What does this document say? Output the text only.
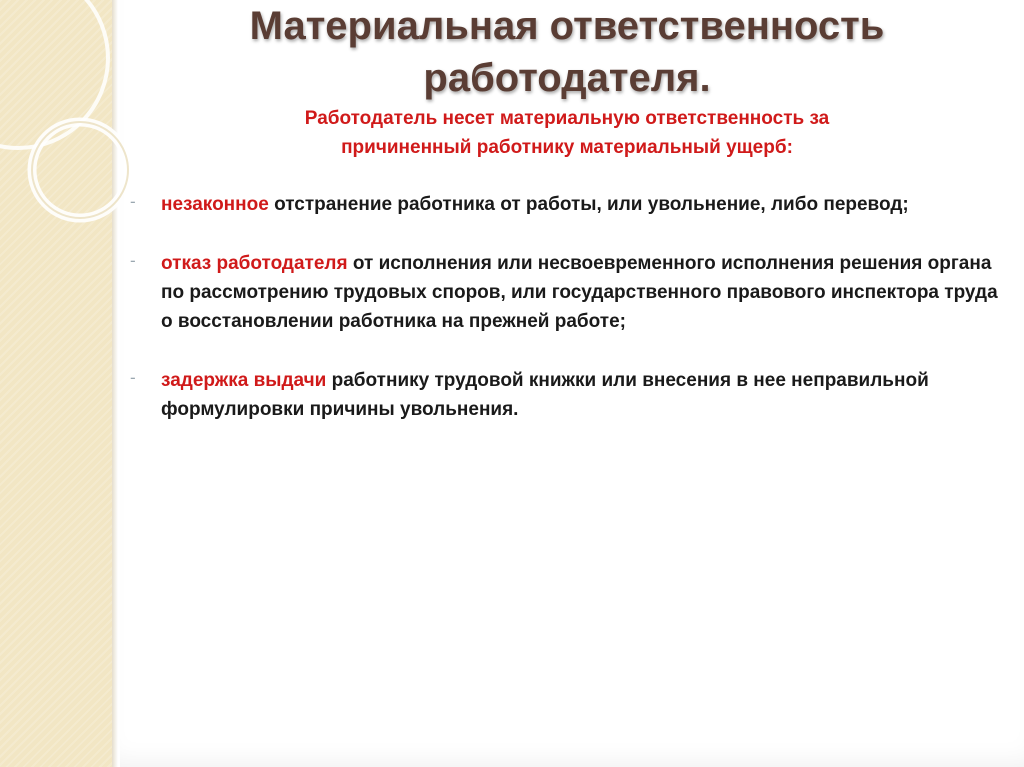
Материальная ответственность
работодателя.
Работодатель несет материальную ответственность за
причиненный работнику материальный ущерб:
- незаконное отстранение работника от работы, или увольнение, либо перевод;

- отказ работодателя от исполнения или несвоевременного исполнения решения органа по рассмотрению трудовых споров, или государственного правового инспектора труда о восстановлении работника на прежней работе;

- задержка выдачи работнику трудовой книжки или внесения в нее неправильной формулировки причины увольнения.
